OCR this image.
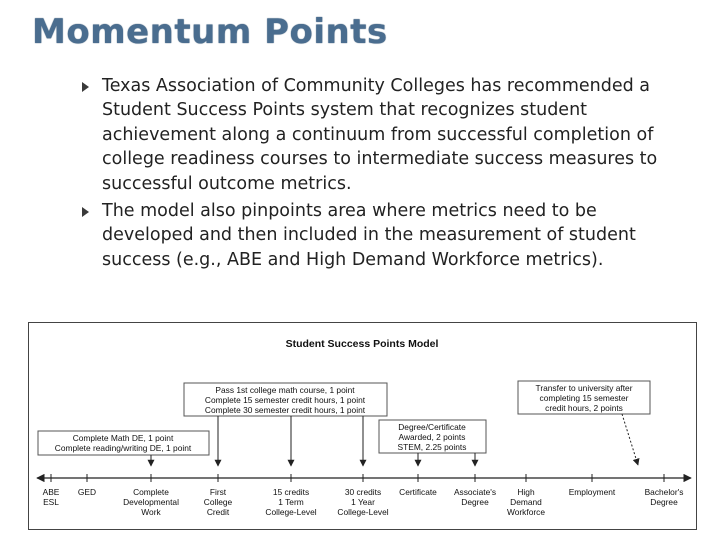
Momentum Points
Texas Association of Community Colleges has recommended a Student Success Points system that recognizes student achievement along a continuum from successful completion of college readiness courses to intermediate success measures to successful outcome metrics.
The model also pinpoints area where metrics need to be developed and then included in the measurement of student success (e.g., ABE and High Demand Workforce metrics).
Student Success Points Model
Pass 1st college math course, 1 point
Complete 15 semester credit hours, 1 point
Complete 30 semester credit hours, 1 point
Complete Math DE, 1 point
Complete reading/writing DE, 1 point
Degree/Certificate
Awarded, 2 points
STEM, 2.25 points
Transfer to university after
completing 15 semester
credit hours, 2 points
ABE
ESL
GED	Complete
Developmental
Work
First
College
Credit
15 credits
1 Term
College-Level
30 credits
1 Year
College-Level
Certificate Associate's
Degree
High
Demand
Workforce
Employment	Bachelor's
Degree
